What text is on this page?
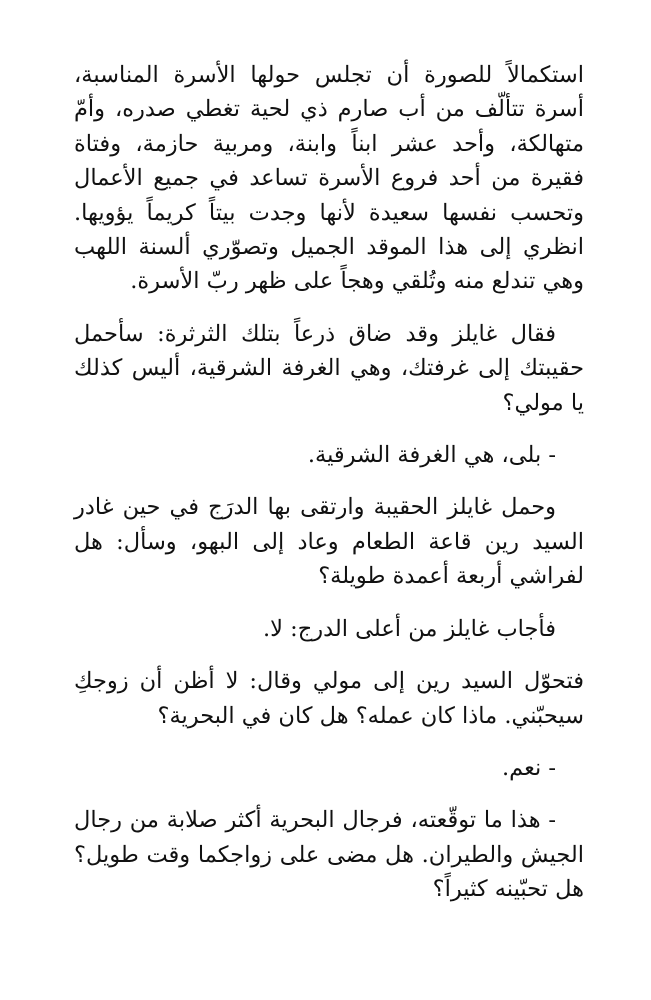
استكمالاً للصورة أن تجلس حولها الأسرة المناسبة، أسرة تتألّف من أب صارم ذي لحية تغطي صدره، وأمّ متهالكة، وأحد عشر ابناً وابنة، ومربية حازمة، وفتاة فقيرة من أحد فروع الأسرة تساعد في جميع الأعمال وتحسب نفسها سعيدة لأنها وجدت بيتاً كريماً يؤويها. انظري إلى هذا الموقد الجميل وتصوّري ألسنة اللهب وهي تندلع منه وتُلقي وهجاً على ظهر ربّ الأسرة.

فقال غايلز وقد ضاق ذرعاً بتلك الثرثرة: سأحمل حقيبتك إلى غرفتك، وهي الغرفة الشرقية، أليس كذلك يا مولي؟

- بلى، هي الغرفة الشرقية.

وحمل غايلز الحقيبة وارتقى بها الدرَج في حين غادر السيد رين قاعة الطعام وعاد إلى البهو، وسأل: هل لفراشي أربعة أعمدة طويلة؟

فأجاب غايلز من أعلى الدرج: لا.

فتحوّل السيد رين إلى مولي وقال: لا أظن أن زوجكِ سيحبّني. ماذا كان عمله؟ هل كان في البحرية؟

- نعم.

- هذا ما توقّعته، فرجال البحرية أكثر صلابة من رجال الجيش والطيران. هل مضى على زواجكما وقت طويل؟ هل تحبّينه كثيراً؟
